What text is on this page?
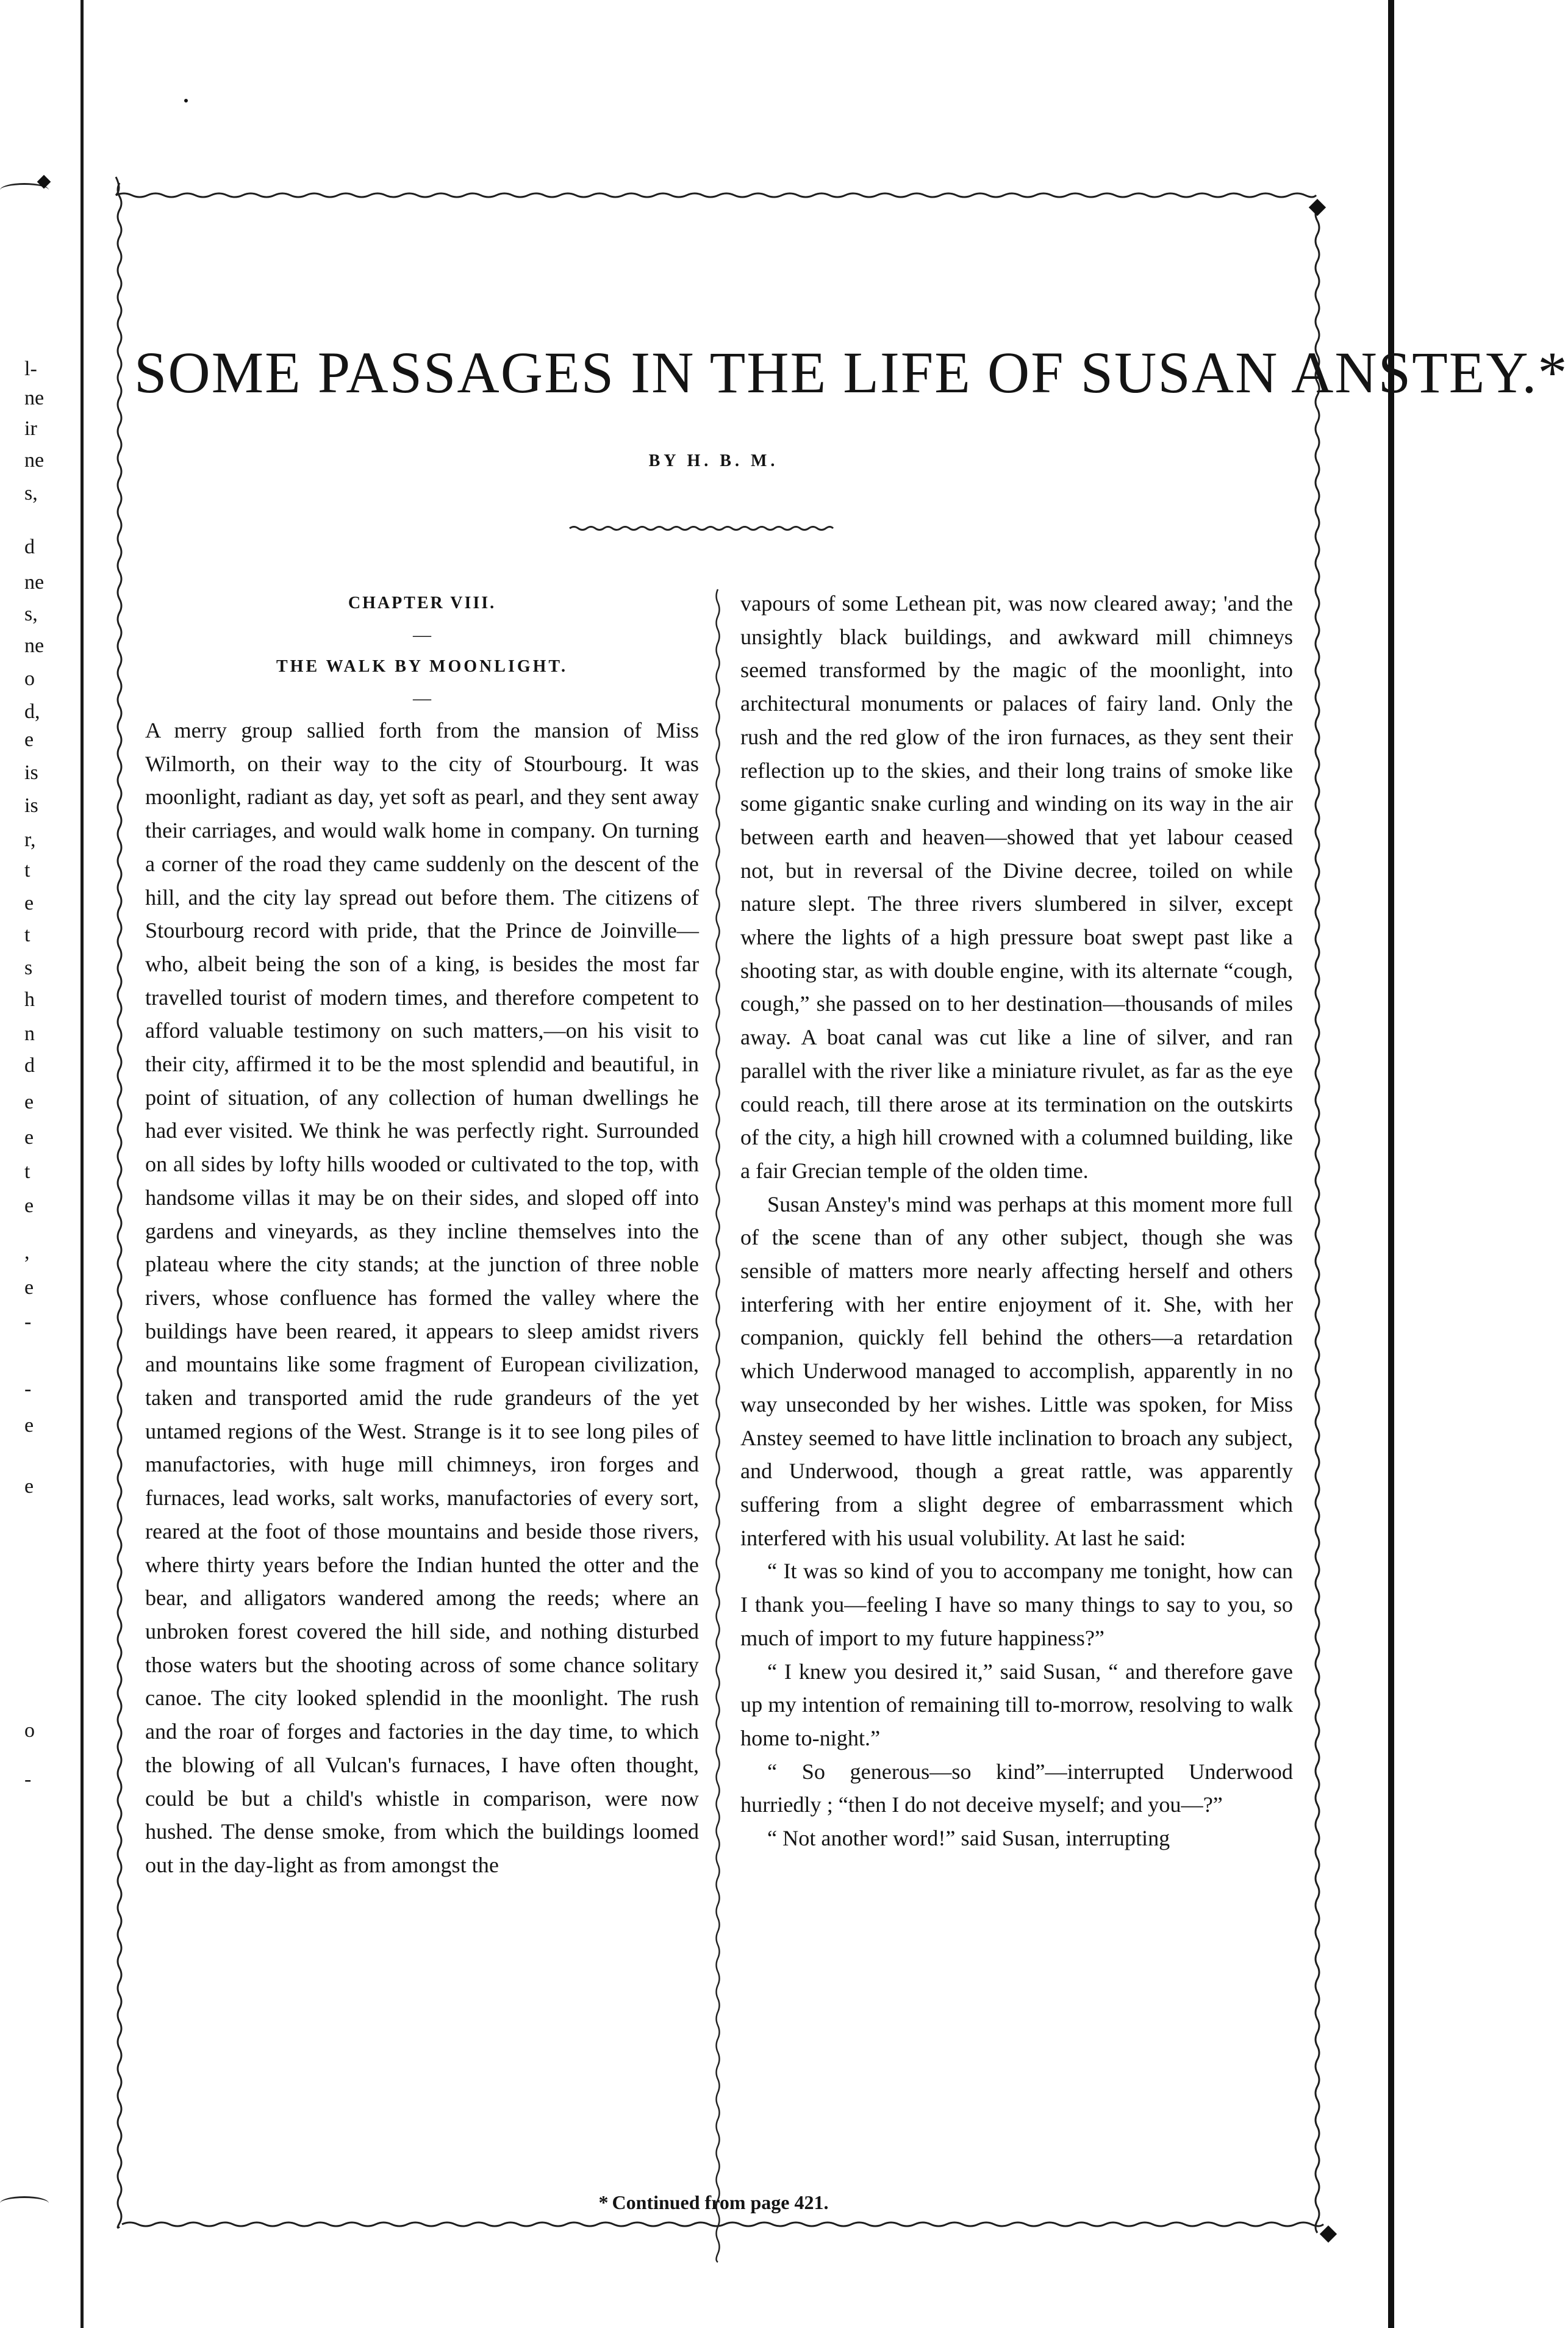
l-
ne
ir
ne
s,
d
ne
s,
ne
o
d,
e
is
is
r,
t
e
t
s
h
n
d
e
e
t
e
,
e
-
-
e
e
o
-
SOME PASSAGES IN THE LIFE OF SUSAN ANSTEY.*
BY H. B. M.
CHAPTER VIII.
—
THE WALK BY MOONLIGHT.
—

A merry group sallied forth from the mansion of Miss Wilmorth, on their way to the city of Stourbourg. It was moonlight, radiant as day, yet soft as pearl, and they sent away their carriages, and would walk home in company. On turning a corner of the road they came suddenly on the descent of the hill, and the city lay spread out before them. The citizens of Stourbourg record with pride, that the Prince de Joinville—who, albeit being the son of a king, is besides the most far travelled tourist of modern times, and therefore competent to afford valuable testimony on such matters,—on his visit to their city, affirmed it to be the most splendid and beautiful, in point of situation, of any collection of human dwellings he had ever visited. We think he was perfectly right. Surrounded on all sides by lofty hills wooded or cultivated to the top, with handsome villas it may be on their sides, and sloped off into gardens and vineyards, as they incline themselves into the plateau where the city stands; at the junction of three noble rivers, whose confluence has formed the valley where the buildings have been reared, it appears to sleep amidst rivers and mountains like some fragment of European civilization, taken and transported amid the rude grandeurs of the yet untamed regions of the West. Strange is it to see long piles of manufactories, with huge mill chimneys, iron forges and furnaces, lead works, salt works, manufactories of every sort, reared at the foot of those mountains and beside those rivers, where thirty years before the Indian hunted the otter and the bear, and alligators wandered among the reeds; where an unbroken forest covered the hill side, and nothing disturbed those waters but the shooting across of some chance solitary canoe. The city looked splendid in the moonlight. The rush and the roar of forges and factories in the day time, to which the blowing of all Vulcan's furnaces, I have often thought, could be but a child's whistle in comparison, were now hushed. The dense smoke, from which the buildings loomed out in the day-light as from amongst the

vapours of some Lethean pit, was now cleared away; 'and the unsightly black buildings, and awkward mill chimneys seemed transformed by the magic of the moonlight, into architectural monuments or palaces of fairy land. Only the rush and the red glow of the iron furnaces, as they sent their reflection up to the skies, and their long trains of smoke like some gigantic snake curling and winding on its way in the air between earth and heaven—showed that yet labour ceased not, but in reversal of the Divine decree, toiled on while nature slept. The three rivers slumbered in silver, except where the lights of a high pressure boat swept past like a shooting star, as with double engine, with its alternate “cough, cough,” she passed on to her destination—thousands of miles away. A boat canal was cut like a line of silver, and ran parallel with the river like a miniature rivulet, as far as the eye could reach, till there arose at its termination on the outskirts of the city, a high hill crowned with a columned building, like a fair Grecian temple of the olden time.

Susan Anstey's mind was perhaps at this moment more full of the scene than of any other subject, though she was sensible of matters more nearly affecting herself and others interfering with her entire enjoyment of it. She, with her companion, quickly fell behind the others—a retardation which Underwood managed to accomplish, apparently in no way unseconded by her wishes. Little was spoken, for Miss Anstey seemed to have little inclination to broach any subject, and Underwood, though a great rattle, was apparently suffering from a slight degree of embarrassment which interfered with his usual volubility. At last he said:

“ It was so kind of you to accompany me tonight, how can I thank you—feeling I have so many things to say to you, so much of import to my future happiness?”

“ I knew you desired it,” said Susan, “ and therefore gave up my intention of remaining till to-morrow, resolving to walk home to-night.”

“ So generous—so kind”—interrupted Underwood hurriedly ; “then I do not deceive myself; and you—?”

“ Not another word!” said Susan, interrupting

* Continued from page 421.
